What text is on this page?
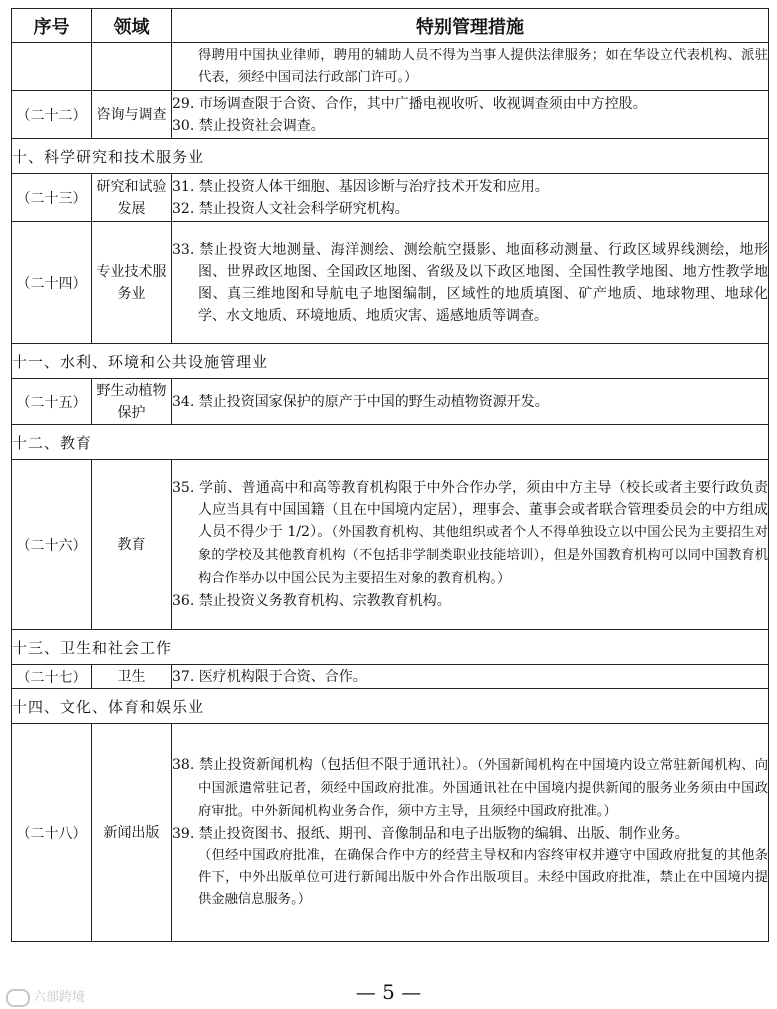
序号	领域	特别管理措施

		得聘用中国执业律师，聘用的辅助人员不得为当事人提供法律服务；如在华设立代表机构、派驻代表，须经中国司法行政部门许可。）

（二十二）	咨询与调查	29. 市场调查限于合资、合作，其中广播电视收听、收视调查须由中方控股。

30. 禁止投资社会调查。

十、科学研究和技术服务业		
（二十三）	研究和试验发展	31. 禁止投资人体干细胞、基因诊断与治疗技术开发和应用。

32. 禁止投资人文社会科学研究机构。

（二十四）	专业技术服务业	33. 禁止投资大地测量、海洋测绘、测绘航空摄影、地面移动测量、行政区域界线测绘，地形图、世界政区地图、全国政区地图、省级及以下政区地图、全国性教学地图、地方性教学地图、真三维地图和导航电子地图编制，区域性的地质填图、矿产地质、地球物理、地球化学、水文地质、环境地质、地质灾害、遥感地质等调查。

十一、水利、环境和公共设施管理业		
（二十五）	野生动植物保护	34. 禁止投资国家保护的原产于中国的野生动植物资源开发。

十二、教育		
（二十六）	教育	35. 学前、普通高中和高等教育机构限于中外合作办学，须由中方主导（校长或者主要行政负责人应当具有中国国籍（且在中国境内定居），理事会、董事会或者联合管理委员会的中方组成人员不得少于 1/2）。（外国教育机构、其他组织或者个人不得单独设立以中国公民为主要招生对象的学校及其他教育机构（不包括非学制类职业技能培训），但是外国教育机构可以同中国教育机构合作举办以中国公民为主要招生对象的教育机构。）

36. 禁止投资义务教育机构、宗教教育机构。

十三、卫生和社会工作		
（二十七）	卫生	37. 医疗机构限于合资、合作。

十四、文化、体育和娱乐业		
（二十八）	新闻出版	38. 禁止投资新闻机构（包括但不限于通讯社）。（外国新闻机构在中国境内设立常驻新闻机构、向中国派遣常驻记者，须经中国政府批准。外国通讯社在中国境内提供新闻的服务业务须由中国政府审批。中外新闻机构业务合作，须中方主导，且须经中国政府批准。）

39. 禁止投资图书、报纸、期刊、音像制品和电子出版物的编辑、出版、制作业务。

（但经中国政府批准，在确保合作中方的经营主导权和内容终审权并遵守中国政府批复的其他条件下，中外出版单位可进行新闻出版中外合作出版项目。未经中国政府批准，禁止在中国境内提供金融信息服务。）

六部跨境	— 5 —
